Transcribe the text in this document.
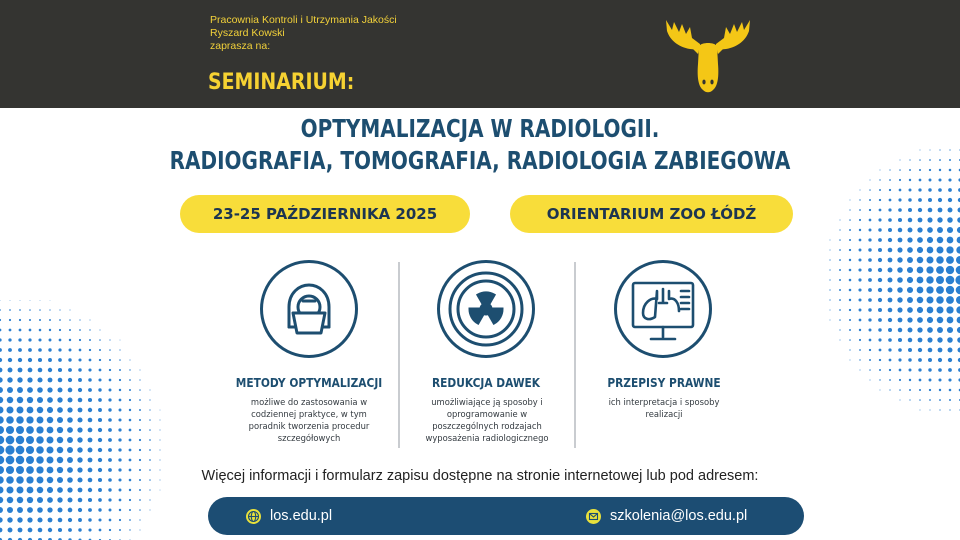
Pracownia Kontroli i Utrzymania Jakości
Ryszard Kowski
zaprasza na:
SEMINARIUM:
OPTYMALIZACJA W RADIOLOGII.
RADIOGRAFIA, TOMOGRAFIA, RADIOLOGIA ZABIEGOWA
23-25 PAŹDZIERNIKA 2025	ORIENTARIUM ZOO ŁÓDŹ
METODY OPTYMALIZACJI
możliwe do zastosowania w
codziennej praktyce, w tym
poradnik tworzenia procedur
szczegółowych
REDUKCJA DAWEK
umożliwiające ją sposoby i
oprogramowanie w
poszczególnych rodzajach
wyposażenia radiologicznego
PRZEPISY PRAWNE
ich interpretacja i sposoby
realizacji
Więcej informacji i formularz zapisu dostępne na stronie internetowej lub pod adresem:
los.edu.pl	szkolenia@los.edu.pl
